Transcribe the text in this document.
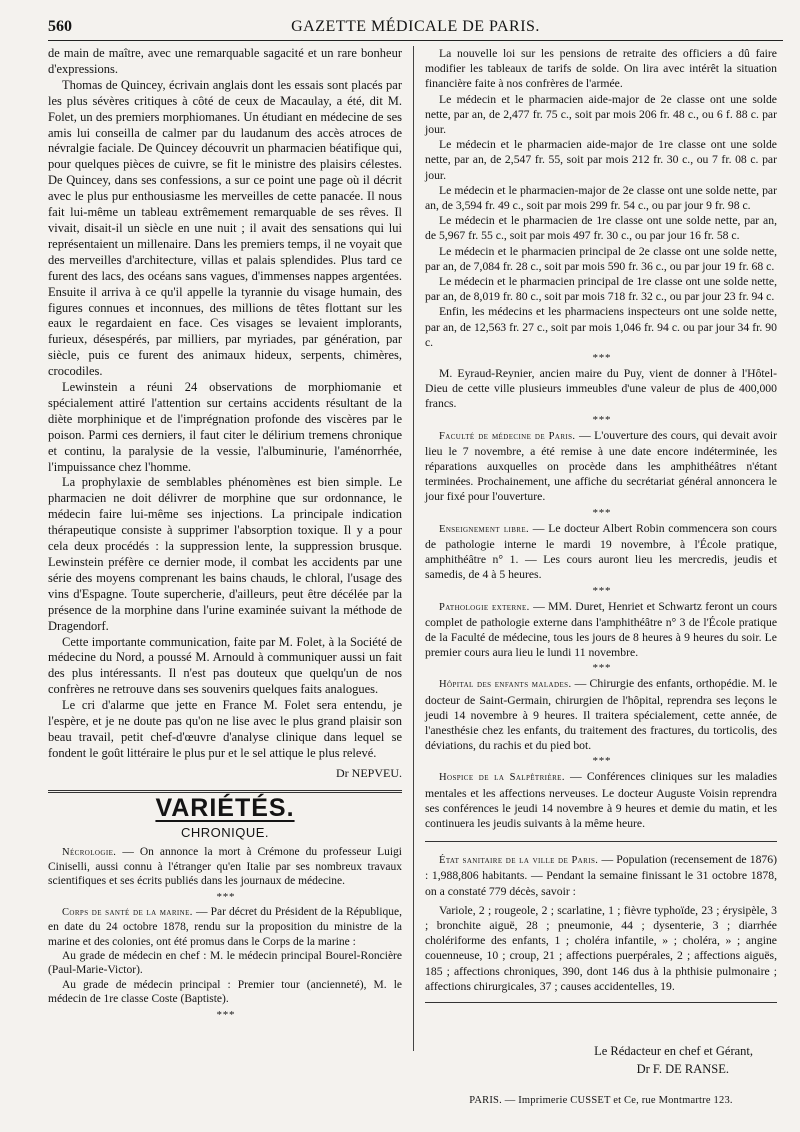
560	GAZETTE MÉDICALE DE PARIS.

de main de maître, avec une remarquable sagacité et un rare bonheur d'expressions.

Thomas de Quincey, écrivain anglais dont les essais sont placés par les plus sévères critiques à côté de ceux de Macaulay, a été, dit M. Folet, un des premiers morphiomanes. Un étudiant en médecine de ses amis lui conseilla de calmer par du laudanum des accès atroces de névralgie faciale. De Quincey découvrit un pharmacien béatifique qui, pour quelques pièces de cuivre, se fit le ministre des plaisirs célestes. De Quincey, dans ses confessions, a sur ce point une page où il décrit avec le plus pur enthousiasme les merveilles de cette panacée. Il nous fait lui-même un tableau extrêmement remarquable de ses rêves. Il vivait, disait-il un siècle en une nuit ; il avait des sensations qui lui représentaient un millenaire. Dans les premiers temps, il ne voyait que des merveilles d'architecture, villas et palais splendides. Plus tard ce furent des lacs, des océans sans vagues, d'immenses nappes argentées. Ensuite il arriva à ce qu'il appelle la tyrannie du visage humain, des figures connues et inconnues, des millions de têtes flottant sur les eaux le regardaient en face. Ces visages se levaient implorants, furieux, désespérés, par milliers, par myriades, par génération, par siècle, puis ce furent des animaux hideux, serpents, chimères, crocodiles.

Lewinstein a réuni 24 observations de morphiomanie et spécialement attiré l'attention sur certains accidents résultant de la diète morphinique et de l'imprégnation profonde des viscères par le poison. Parmi ces derniers, il faut citer le délirium tremens chronique et continu, la paralysie de la vessie, l'albuminurie, l'aménorrhée, l'impuissance chez l'homme.

La prophylaxie de semblables phénomènes est bien simple. Le pharmacien ne doit délivrer de morphine que sur ordonnance, le médecin faire lui-même ses injections. La principale indication thérapeutique consiste à supprimer l'absorption toxique. Il y a pour cela deux procédés : la suppression lente, la suppression brusque. Lewinstein préfère ce dernier mode, il combat les accidents par une série des moyens comprenant les bains chauds, le chloral, l'usage des vins d'Espagne. Toute supercherie, d'ailleurs, peut être décélée par la présence de la morphine dans l'urine examinée suivant la méthode de Dragendorf.

Cette importante communication, faite par M. Folet, à la Société de médecine du Nord, a poussé M. Arnould à communiquer aussi un fait des plus intéressants. Il n'est pas douteux que quelqu'un de nos confrères ne retrouve dans ses souvenirs quelques faits analogues.

Le cri d'alarme que jette en France M. Folet sera entendu, je l'espère, et je ne doute pas qu'on ne lise avec le plus grand plaisir son beau travail, petit chef-d'œuvre d'analyse clinique dans lequel se fondent le goût littéraire le plus pur et le sel attique le plus relevé.

Dr NEPVEU.
VARIÉTÉS.
CHRONIQUE.

Nécrologie. — On annonce la mort à Crémone du professeur Luigi Ciniselli, aussi connu à l'étranger qu'en Italie par ses nombreux travaux scientifiques et ses écrits publiés dans les journaux de médecine.

* * *

Corps de santé de la marine. — Par décret du Président de la République, en date du 24 octobre 1878, rendu sur la proposition du ministre de la marine et des colonies, ont été promus dans le Corps de la marine :

Au grade de médecin en chef : M. le médecin principal Bourel-Roncière (Paul-Marie-Victor).

Au grade de médecin principal : Premier tour (ancienneté), M. le médecin de 1re classe Coste (Baptiste).

* * *

La nouvelle loi sur les pensions de retraite des officiers a dû faire modifier les tableaux de tarifs de solde. On lira avec intérêt la situation financière faite à nos confrères de l'armée.

Le médecin et le pharmacien aide-major de 2e classe ont une solde nette, par an, de 2,477 fr. 75 c., soit par mois 206 fr. 48 c., ou 6 f. 88 c. par jour.

Le médecin et le pharmacien aide-major de 1re classe ont une solde nette, par an, de 2,547 fr. 55, soit par mois 212 fr. 30 c., ou 7 fr. 08 c. par jour.

Le médecin et le pharmacien-major de 2e classe ont une solde nette, par an, de 3,594 fr. 49 c., soit par mois 299 fr. 54 c., ou par jour 9 fr. 98 c.

Le médecin et le pharmacien de 1re classe ont une solde nette, par an, de 5,967 fr. 55 c., soit par mois 497 fr. 30 c., ou par jour 16 fr. 58 c.

Le médecin et le pharmacien principal de 2e classe ont une solde nette, par an, de 7,084 fr. 28 c., soit par mois 590 fr. 36 c., ou par jour 19 fr. 68 c.

Le médecin et le pharmacien principal de 1re classe ont une solde nette, par an, de 8,019 fr. 80 c., soit par mois 718 fr. 32 c., ou par jour 23 fr. 94 c.

Enfin, les médecins et les pharmaciens inspecteurs ont une solde nette, par an, de 12,563 fr. 27 c., soit par mois 1,046 fr. 94 c. ou par jour 34 fr. 90 c.

* * *

M. Eyraud-Reynier, ancien maire du Puy, vient de donner à l'Hôtel-Dieu de cette ville plusieurs immeubles d'une valeur de plus de 400,000 francs.

* * *

Faculté de médecine de Paris. — L'ouverture des cours, qui devait avoir lieu le 7 novembre, a été remise à une date encore indéterminée, les réparations auxquelles on procède dans les amphithéâtres n'étant terminées. Prochainement, une affiche du secrétariat général annoncera le jour fixé pour l'ouverture.

* * *

Enseignement libre. — Le docteur Albert Robin commencera son cours de pathologie interne le mardi 19 novembre, à l'École pratique, amphithéâtre n° 1. — Les cours auront lieu les mercredis, jeudis et samedis, de 4 à 5 heures.

* * *

Pathologie externe. — MM. Duret, Henriet et Schwartz feront un cours complet de pathologie externe dans l'amphithéâtre n° 3 de l'École pratique de la Faculté de médecine, tous les jours de 8 heures à 9 heures du soir. Le premier cours aura lieu le lundi 11 novembre.

* * *

Hôpital des enfants malades. — Chirurgie des enfants, orthopédie. M. le docteur de Saint-Germain, chirurgien de l'hôpital, reprendra ses leçons le jeudi 14 novembre à 9 heures. Il traitera spécialement, cette année, de l'anesthésie chez les enfants, du traitement des fractures, du torticolis, des déviations, du rachis et du pied bot.

* * *

Hospice de la Salpêtrière. — Conférences cliniques sur les maladies mentales et les affections nerveuses. Le docteur Auguste Voisin reprendra ses conférences le jeudi 14 novembre à 9 heures et demie du matin, et les continuera les jeudis suivants à la même heure.

État sanitaire de la ville de Paris. — Population (recensement de 1876) : 1,988,806 habitants. — Pendant la semaine finissant le 31 octobre 1878, on a constaté 779 décès, savoir :

Variole, 2 ; rougeole, 2 ; scarlatine, 1 ; fièvre typhoïde, 23 ; érysipèle, 3 ; bronchite aiguë, 28 ; pneumonie, 44 ; dysenterie, 3 ; diarrhée cholériforme des enfants, 1 ; choléra infantile, » ; choléra, » ; angine couenneuse, 10 ; croup, 21 ; affections puerpérales, 2 ; affections aiguës, 185 ; affections chroniques, 390, dont 146 dus à la phthisie pulmonaire ; affections chirurgicales, 37 ; causes accidentelles, 19.

Le Rédacteur en chef et Gérant,
Dr F. DE RANSE.
PARIS. — Imprimerie CUSSET et Ce, rue Montmartre 123.
